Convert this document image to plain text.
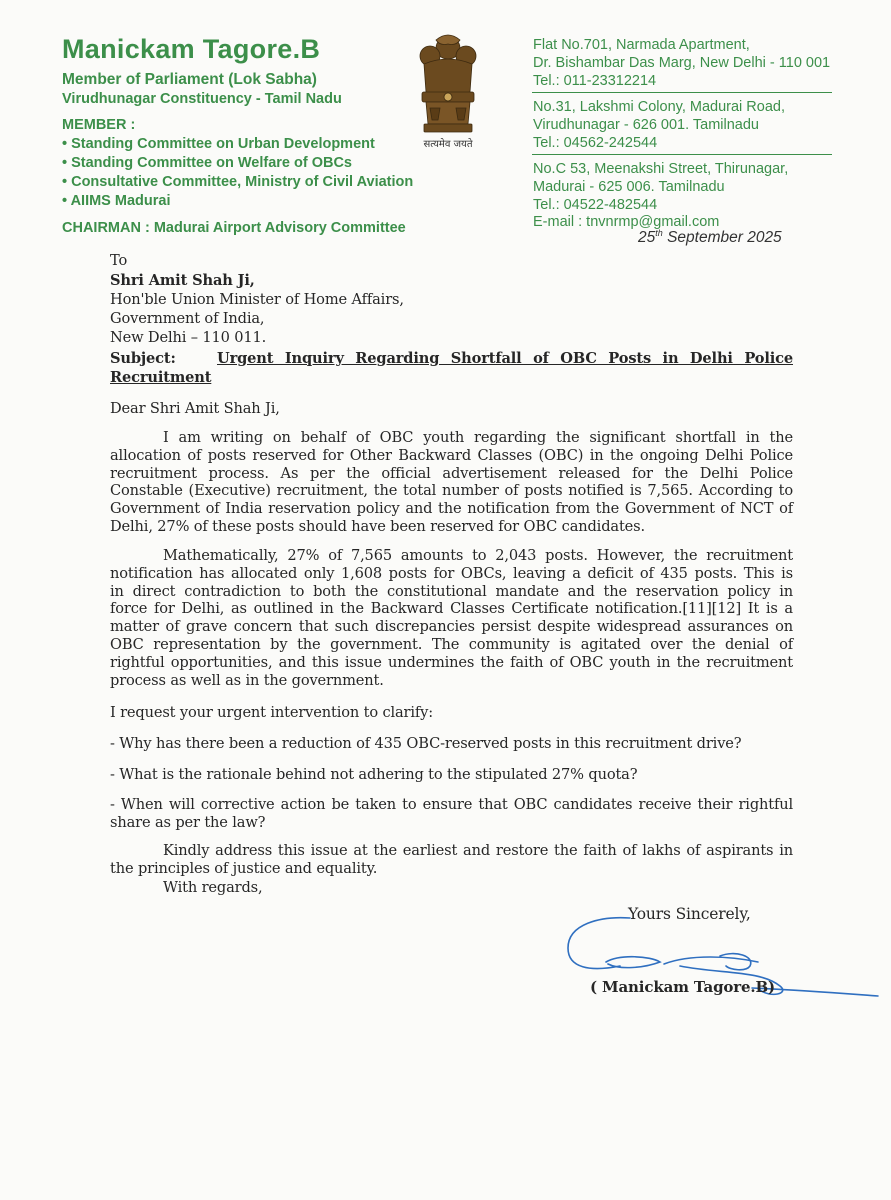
Manickam Tagore.B
Member of Parliament (Lok Sabha)
Virudhunagar Constituency - Tamil Nadu
MEMBER :
• Standing Committee on Urban Development
• Standing Committee on Welfare of OBCs
• Consultative Committee, Ministry of Civil Aviation
• AIIMS Madurai
CHAIRMAN : Madurai Airport Advisory Committee
सत्यमेव जयते
Flat No.701, Narmada Apartment,
Dr. Bishambar Das Marg, New Delhi - 110 001
Tel.: 011-23312214
No.31, Lakshmi Colony, Madurai Road,
Virudhunagar - 626 001. Tamilnadu
Tel.: 04562-242544
No.C 53, Meenakshi Street, Thirunagar,
Madurai - 625 006. Tamilnadu
Tel.: 04522-482544
E-mail : tnvnrmp@gmail.com
25th September 2025
To
Shri Amit Shah Ji,
Hon'ble Union Minister of Home Affairs,
Government of India,
New Delhi – 110 011.
Subject:	Urgent Inquiry Regarding Shortfall of OBC Posts in Delhi Police
Recruitment
Dear Shri Amit Shah Ji,
I am writing on behalf of OBC youth regarding the significant shortfall in the
allocation of posts reserved for Other Backward Classes (OBC) in the ongoing Delhi Police
recruitment process. As per the official advertisement released for the Delhi Police
Constable (Executive) recruitment, the total number of posts notified is 7,565. According to
Government of India reservation policy and the notification from the Government of NCT of
Delhi, 27% of these posts should have been reserved for OBC candidates.
Mathematically, 27% of 7,565 amounts to 2,043 posts. However, the recruitment
notification has allocated only 1,608 posts for OBCs, leaving a deficit of 435 posts. This is
in direct contradiction to both the constitutional mandate and the reservation policy in
force for Delhi, as outlined in the Backward Classes Certificate notification.[11][12] It is a
matter of grave concern that such discrepancies persist despite widespread assurances on
OBC representation by the government. The community is agitated over the denial of
rightful opportunities, and this issue undermines the faith of OBC youth in the recruitment
process as well as in the government.
I request your urgent intervention to clarify:
- Why has there been a reduction of 435 OBC-reserved posts in this recruitment drive?
- What is the rationale behind not adhering to the stipulated 27% quota?
- When will corrective action be taken to ensure that OBC candidates receive their rightful
share as per the law?
Kindly address this issue at the earliest and restore the faith of lakhs of aspirants in
the principles of justice and equality.
With regards,
Yours Sincerely,
( Manickam Tagore.B)
